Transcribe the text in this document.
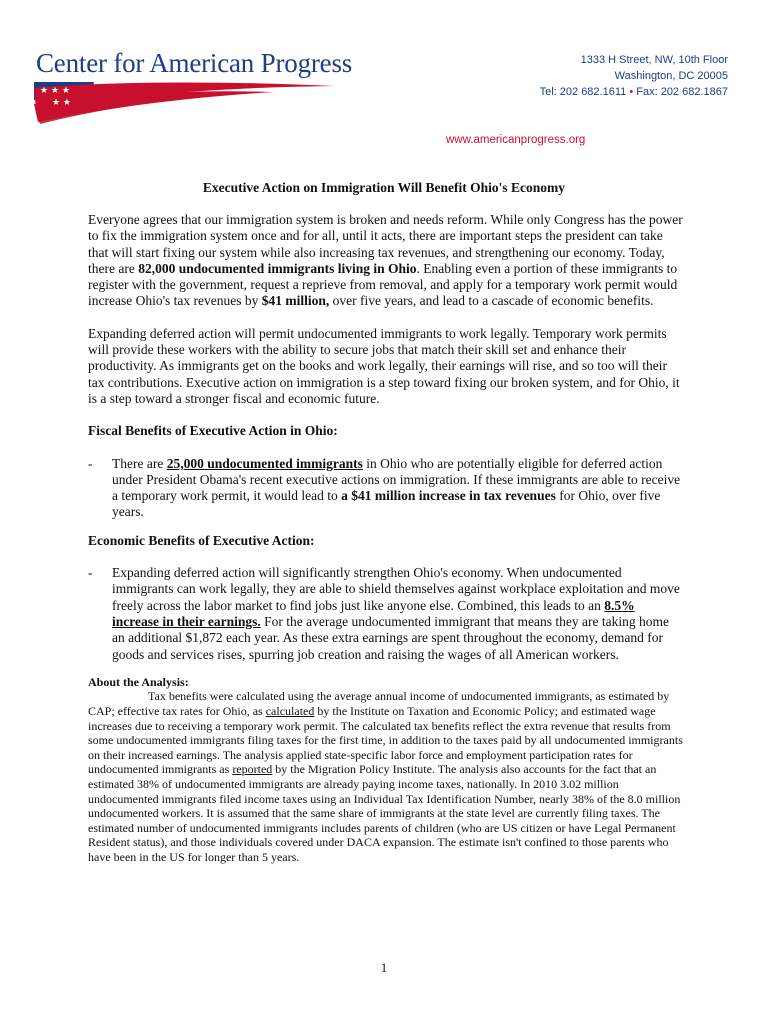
Center for American Progress
★ ★ ★
★ ★
1333 H Street, NW, 10th Floor
Washington, DC 20005
Tel: 202 682.1611 • Fax: 202 682.1867
www.americanprogress.org
Executive Action on Immigration Will Benefit Ohio's Economy

Everyone agrees that our immigration system is broken and needs reform. While only Congress has the power to fix the immigration system once and for all, until it acts, there are important steps the president can take that will start fixing our system while also increasing tax revenues, and strengthening our economy. Today, there are 82,000 undocumented immigrants living in Ohio. Enabling even a portion of these immigrants to register with the government, request a reprieve from removal, and apply for a temporary work permit would increase Ohio's tax revenues by $41 million, over five years, and lead to a cascade of economic benefits.

Expanding deferred action will permit undocumented immigrants to work legally. Temporary work permits will provide these workers with the ability to secure jobs that match their skill set and enhance their productivity. As immigrants get on the books and work legally, their earnings will rise, and so too will their tax contributions. Executive action on immigration is a step toward fixing our broken system, and for Ohio, it is a step toward a stronger fiscal and economic future.

Fiscal Benefits of Executive Action in Ohio:
-	There are 25,000 undocumented immigrants in Ohio who are potentially eligible for deferred action under President Obama's recent executive actions on immigration. If these immigrants are able to receive a temporary work permit, it would lead to a $41 million increase in tax revenues for Ohio, over five years.
Economic Benefits of Executive Action:
-	Expanding deferred action will significantly strengthen Ohio's economy. When undocumented immigrants can work legally, they are able to shield themselves against workplace exploitation and move freely across the labor market to find jobs just like anyone else. Combined, this leads to an 8.5% increase in their earnings. For the average undocumented immigrant that means they are taking home an additional $1,872 each year. As these extra earnings are spent throughout the economy, demand for goods and services rises, spurring job creation and raising the wages of all American workers.
About the Analysis:

Tax benefits were calculated using the average annual income of undocumented immigrants, as estimated by CAP; effective tax rates for Ohio, as calculated by the Institute on Taxation and Economic Policy; and estimated wage increases due to receiving a temporary work permit. The calculated tax benefits reflect the extra revenue that results from some undocumented immigrants filing taxes for the first time, in addition to the taxes paid by all undocumented immigrants on their increased earnings. The analysis applied state-specific labor force and employment participation rates for undocumented immigrants as reported by the Migration Policy Institute. The analysis also accounts for the fact that an estimated 38% of undocumented immigrants are already paying income taxes, nationally. In 2010 3.02 million undocumented immigrants filed income taxes using an Individual Tax Identification Number, nearly 38% of the 8.0 million undocumented workers. It is assumed that the same share of immigrants at the state level are currently filing taxes. The estimated number of undocumented immigrants includes parents of children (who are US citizen or have Legal Permanent Resident status), and those individuals covered under DACA expansion. The estimate isn't confined to those parents who have been in the US for longer than 5 years.

1
